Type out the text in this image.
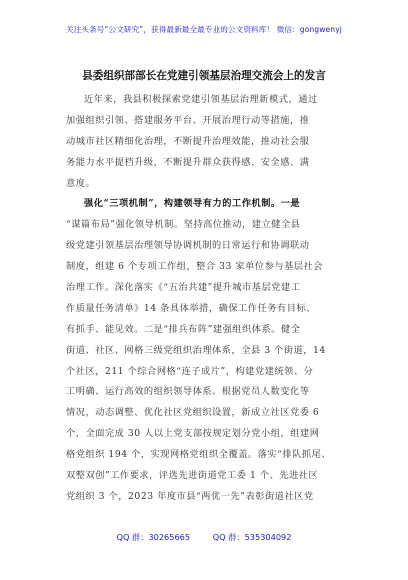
关注头条号“公文研究”，获得最新最全最专业的公文资料库！ 微信：gongwenyj
县委组织部部长在党建引领基层治理交流会上的发言
近年来，我县积极探索党建引领基层治理新模式，通过
加强组织引领、搭建服务平台、开展治理行动等措施，推
动城市社区精细化治理，不断提升治理效能，推动社会服
务能力水平提档升级，不断提升群众获得感、安全感、满
意度。
强化“三项机制”，构建领导有力的工作机制。一是
“谋篇布局”强化领导机制。坚持高位推动，建立健全县
级党建引领基层治理领导协调机制的日常运行和协调联动
制度，组建 6 个专项工作组，整合 33 家单位参与基层社会
治理工作。深化落实《“五治共建”提升城市基层党建工
作质量任务清单》14 条具体举措，确保工作任务有目标、
有抓手、能见效。二是“排兵布阵”建强组织体系。健全
街道、社区、网格三级党组织治理体系，全县 3 个街道，14
个社区，211 个综合网格“连子成片”，构建党建统领、分
工明确、运行高效的组织领导体系。根据党员人数变化等
情况，动态调整、优化社区党组织设置，新成立社区党委 6
个，全面完成 30 人以上党支部按规定划分党小组，组建网
格党组织 194 个，实现网格党组织全覆盖。落实“排队抓尾、
双整双创”工作要求，评选先进街道党工委 1 个、先进社区
党组织 3 个，2023 年度市县“两优一先”表彰街道社区党
QQ 群：30265665	QQ 群：535304092
